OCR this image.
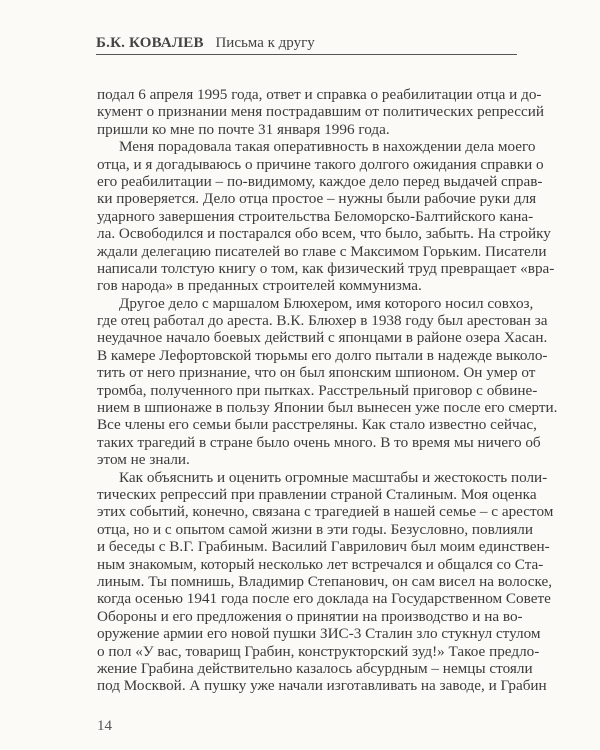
Б.К. КОВАЛЕВ Письма к другу
подал 6 апреля 1995 года, ответ и справка о реабилитации отца и до-
кумент о признании меня пострадавшим от политических репрессий
пришли ко мне по почте 31 января 1996 года.
Меня порадовала такая оперативность в нахождении дела моего
отца, и я догадываюсь о причине такого долгого ожидания справки о
его реабилитации – по-видимому, каждое дело перед выдачей справ-
ки проверяется. Дело отца простое – нужны были рабочие руки для
ударного завершения строительства Беломорско-Балтийского кана-
ла. Освободился и постарался обо всем, что было, забыть. На стройку
ждали делегацию писателей во главе с Максимом Горьким. Писатели
написали толстую книгу о том, как физический труд превращает «вра-
гов народа» в преданных строителей коммунизма.
Другое дело с маршалом Блюхером, имя которого носил совхоз,
где отец работал до ареста. В.К. Блюхер в 1938 году был арестован за
неудачное начало боевых действий с японцами в районе озера Хасан.
В камере Лефортовской тюрьмы его долго пытали в надежде выколо-
тить от него признание, что он был японским шпионом. Он умер от
тромба, полученного при пытках. Расстрельный приговор с обвине-
нием в шпионаже в пользу Японии был вынесен уже после его смерти.
Все члены его семьи были расстреляны. Как стало известно сейчас,
таких трагедий в стране было очень много. В то время мы ничего об
этом не знали.
Как объяснить и оценить огромные масштабы и жестокость поли-
тических репрессий при правлении страной Сталиным. Моя оценка
этих событий, конечно, связана с трагедией в нашей семье – с арестом
отца, но и с опытом самой жизни в эти годы. Безусловно, повлияли
и беседы с В.Г. Грабиным. Василий Гаврилович был моим единствен-
ным знакомым, который несколько лет встречался и общался со Ста-
линым. Ты помнишь, Владимир Степанович, он сам висел на волоске,
когда осенью 1941 года после его доклада на Государственном Совете
Обороны и его предложения о принятии на производство и на во-
оружение армии его новой пушки ЗИС-3 Сталин зло стукнул стулом
о пол «У вас, товарищ Грабин, конструкторский зуд!» Такое предло-
жение Грабина действительно казалось абсурдным – немцы стояли
под Москвой. А пушку уже начали изготавливать на заводе, и Грабин
14
